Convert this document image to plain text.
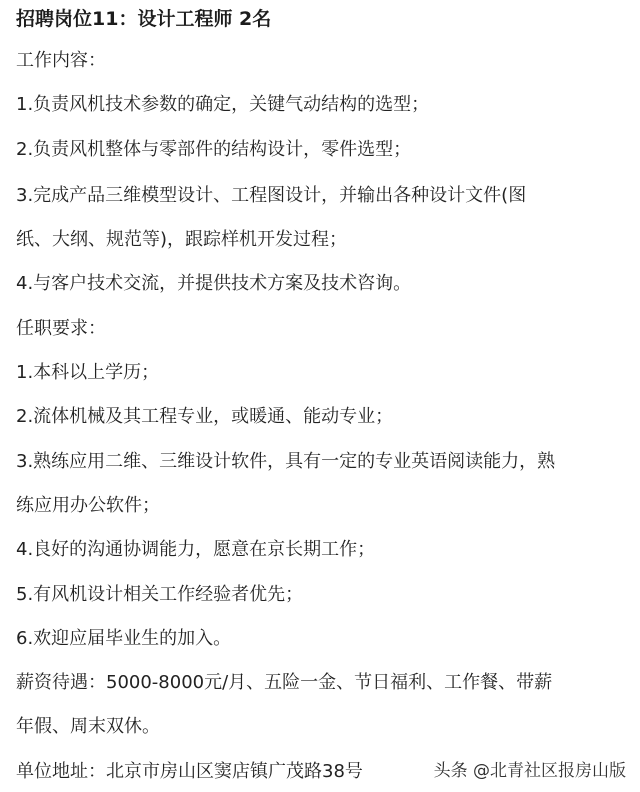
招聘岗位11：设计工程师 2名
工作内容：
1.负责风机技术参数的确定，关键气动结构的选型；
2.负责风机整体与零部件的结构设计，零件选型；
3.完成产品三维模型设计、工程图设计，并输出各种设计文件(图
纸、大纲、规范等)，跟踪样机开发过程；
4.与客户技术交流，并提供技术方案及技术咨询。
任职要求：
1.本科以上学历；
2.流体机械及其工程专业，或暖通、能动专业；
3.熟练应用二维、三维设计软件，具有一定的专业英语阅读能力，熟
练应用办公软件；
4.良好的沟通协调能力，愿意在京长期工作；
5.有风机设计相关工作经验者优先；
6.欢迎应届毕业生的加入。
薪资待遇：5000-8000元/月、五险一金、节日福利、工作餐、带薪
年假、周末双休。
单位地址：北京市房山区窦店镇广茂路38号	头条 @北青社区报房山版
